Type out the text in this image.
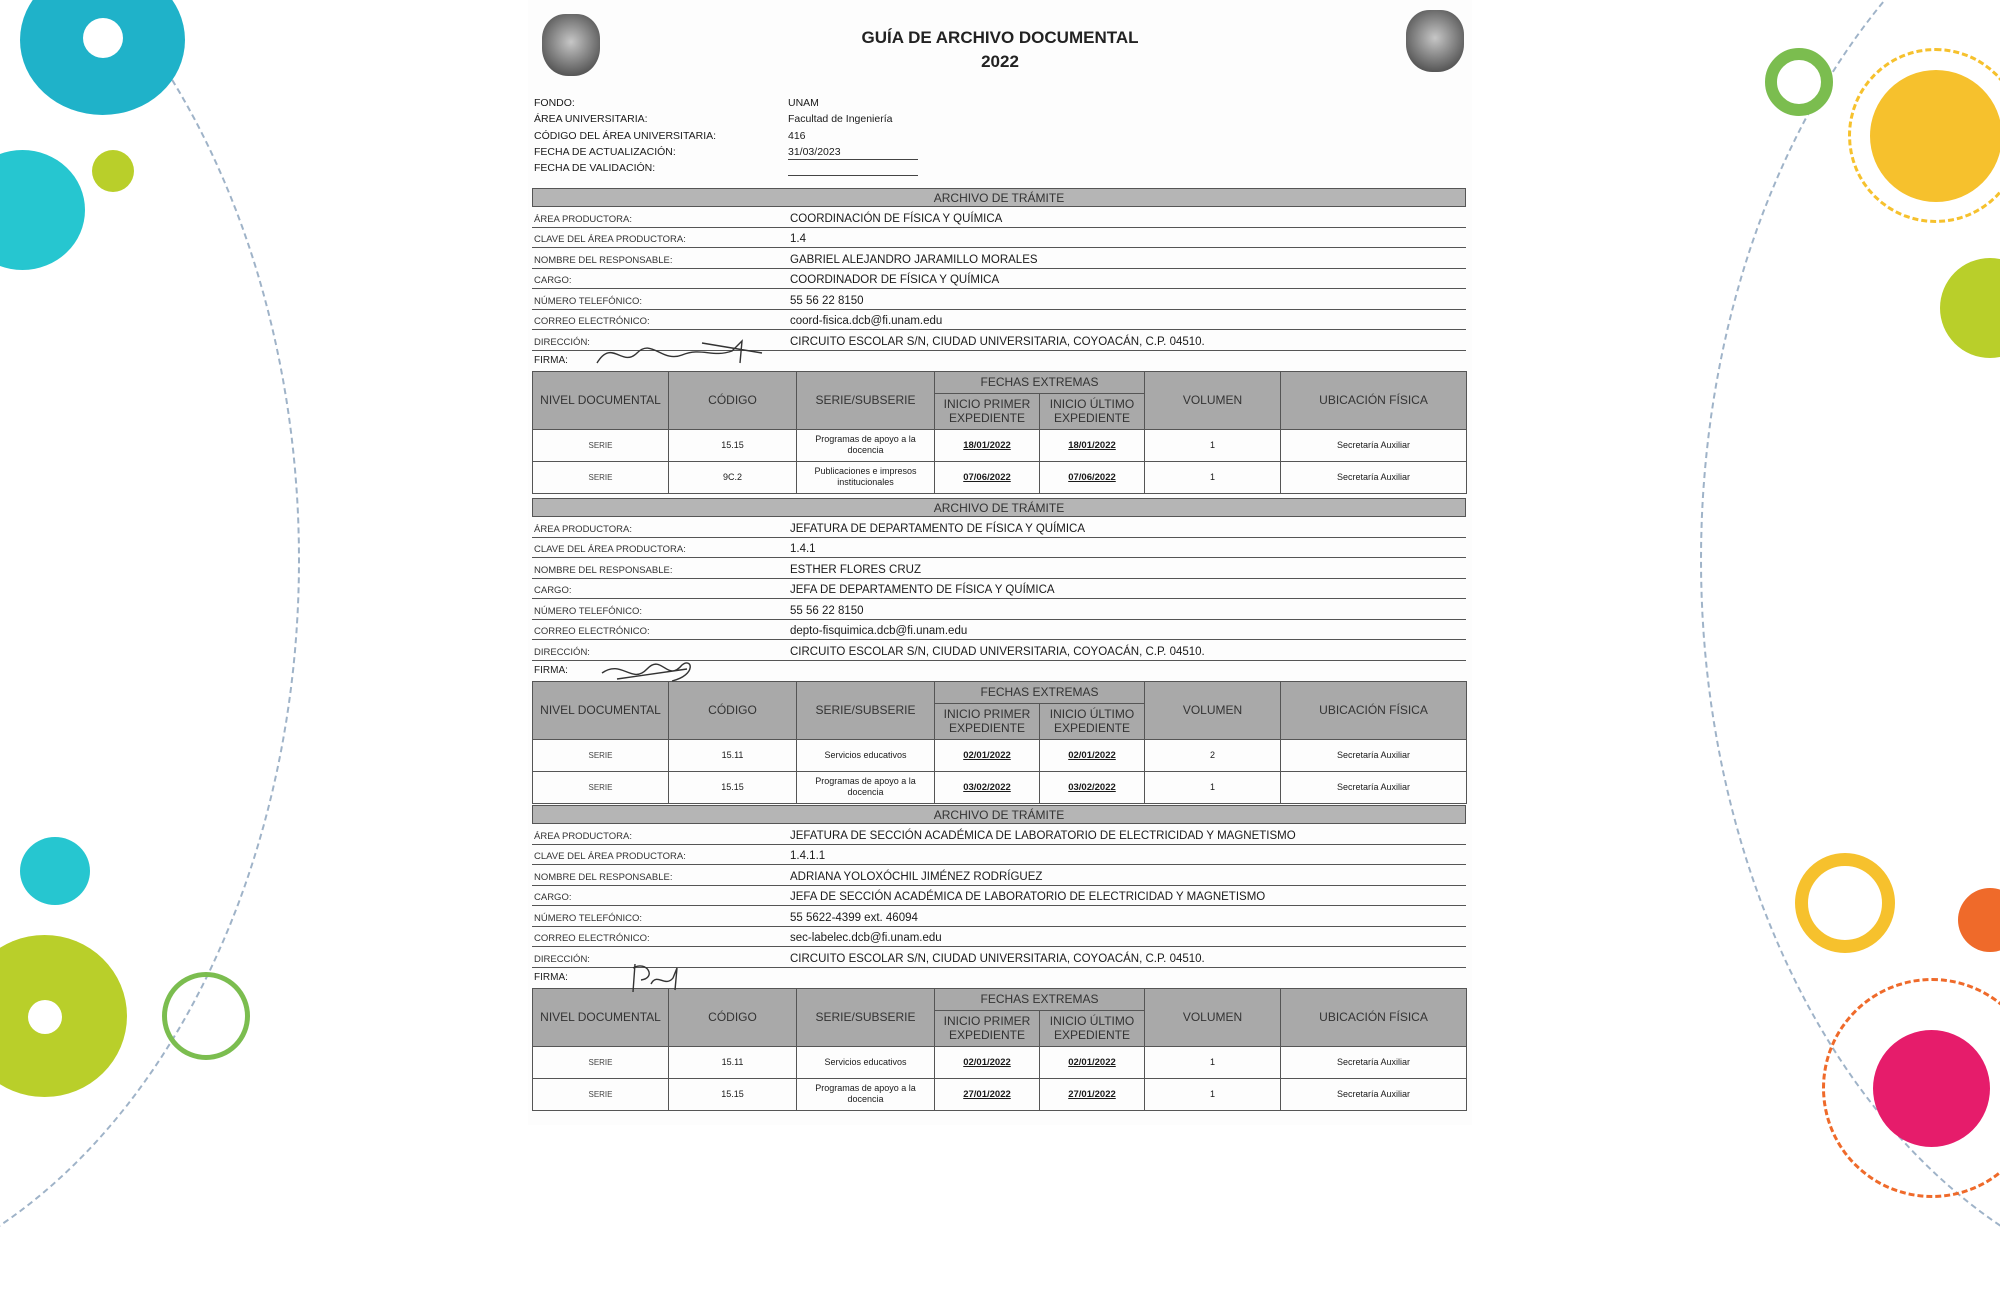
GUÍA DE ARCHIVO DOCUMENTAL
2022
FONDO:	UNAM
ÁREA UNIVERSITARIA:	Facultad de Ingeniería
CÓDIGO DEL ÁREA UNIVERSITARIA:	416
FECHA DE ACTUALIZACIÓN:	31/03/2023
FECHA DE VALIDACIÓN:
ARCHIVO DE TRÁMITE
ÁREA PRODUCTORA:	COORDINACIÓN DE FÍSICA Y QUÍMICA
CLAVE DEL ÁREA PRODUCTORA:	1.4
NOMBRE DEL RESPONSABLE:	GABRIEL ALEJANDRO JARAMILLO MORALES
CARGO:	COORDINADOR DE FÍSICA Y QUÍMICA
NÚMERO TELEFÓNICO:	55 56 22 8150
CORREO ELECTRÓNICO:	coord-fisica.dcb@fi.unam.edu
DIRECCIÓN:	CIRCUITO ESCOLAR S/N, CIUDAD UNIVERSITARIA, COYOACÁN, C.P. 04510.
FIRMA:
NIVEL DOCUMENTAL	CÓDIGO	SERIE/SUBSERIE	FECHAS EXTREMAS		VOLUMEN	UBICACIÓN FÍSICA
			INICIO PRIMER EXPEDIENTE	INICIO ÚLTIMO EXPEDIENTE		
SERIE	15.15	Programas de apoyo a la docencia	18/01/2022	18/01/2022	1	Secretaría Auxiliar
SERIE	9C.2	Publicaciones e impresos institucionales	07/06/2022	07/06/2022	1	Secretaría Auxiliar
ARCHIVO DE TRÁMITE
ÁREA PRODUCTORA:	JEFATURA DE DEPARTAMENTO DE FÍSICA Y QUÍMICA
CLAVE DEL ÁREA PRODUCTORA:	1.4.1
NOMBRE DEL RESPONSABLE:	ESTHER FLORES CRUZ
CARGO:	JEFA DE DEPARTAMENTO DE FÍSICA Y QUÍMICA
NÚMERO TELEFÓNICO:	55 56 22 8150
CORREO ELECTRÓNICO:	depto-fisquimica.dcb@fi.unam.edu
DIRECCIÓN:	CIRCUITO ESCOLAR S/N, CIUDAD UNIVERSITARIA, COYOACÁN, C.P. 04510.
FIRMA:
NIVEL DOCUMENTAL	CÓDIGO	SERIE/SUBSERIE	FECHAS EXTREMAS		VOLUMEN	UBICACIÓN FÍSICA
			INICIO PRIMER EXPEDIENTE	INICIO ÚLTIMO EXPEDIENTE		
SERIE	15.11	Servicios educativos	02/01/2022	02/01/2022	2	Secretaría Auxiliar
SERIE	15.15	Programas de apoyo a la docencia	03/02/2022	03/02/2022	1	Secretaría Auxiliar
ARCHIVO DE TRÁMITE
ÁREA PRODUCTORA:	JEFATURA DE SECCIÓN ACADÉMICA DE LABORATORIO DE ELECTRICIDAD Y MAGNETISMO
CLAVE DEL ÁREA PRODUCTORA:	1.4.1.1
NOMBRE DEL RESPONSABLE:	ADRIANA YOLOXÓCHIL JIMÉNEZ RODRÍGUEZ
CARGO:	JEFA DE SECCIÓN ACADÉMICA DE LABORATORIO DE ELECTRICIDAD Y MAGNETISMO
NÚMERO TELEFÓNICO:	55 5622-4399 ext. 46094
CORREO ELECTRÓNICO:	sec-labelec.dcb@fi.unam.edu
DIRECCIÓN:	CIRCUITO ESCOLAR S/N, CIUDAD UNIVERSITARIA, COYOACÁN, C.P. 04510.
FIRMA:
NIVEL DOCUMENTAL	CÓDIGO	SERIE/SUBSERIE	FECHAS EXTREMAS		VOLUMEN	UBICACIÓN FÍSICA
			INICIO PRIMER EXPEDIENTE	INICIO ÚLTIMO EXPEDIENTE		
SERIE	15.11	Servicios educativos	02/01/2022	02/01/2022	1	Secretaría Auxiliar
SERIE	15.15	Programas de apoyo a la docencia	27/01/2022	27/01/2022	1	Secretaría Auxiliar
